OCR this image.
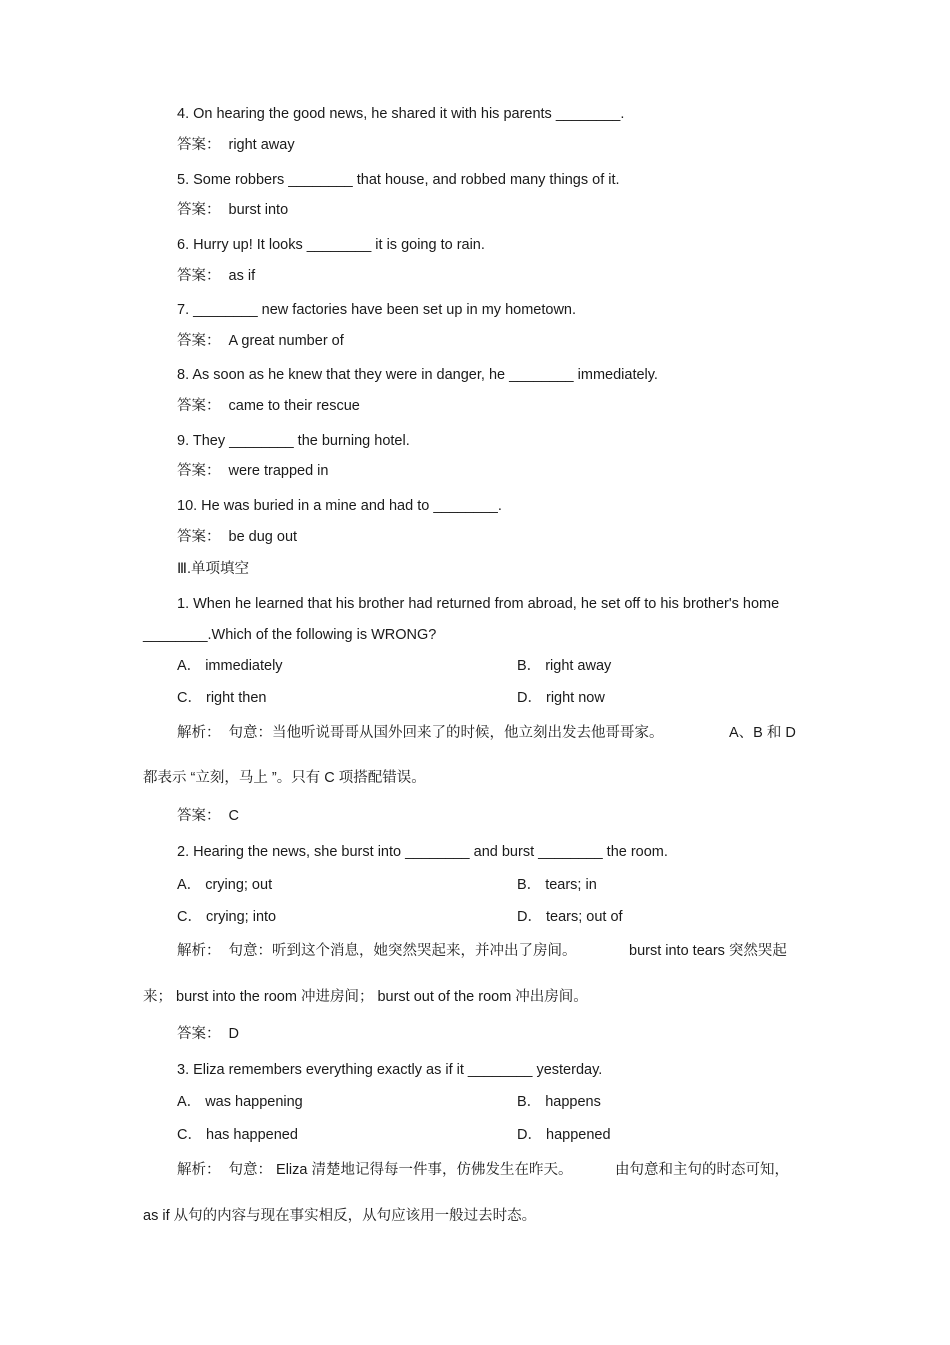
4. On hearing the good news, he shared it with his parents ________.
答案： right away
5. Some robbers ________ that house, and robbed many things of it.
答案： burst into
6. Hurry up! It looks ________ it is going to rain.
答案： as if
7. ________ new factories have been set up in my hometown.
答案： A great number of
8. As soon as he knew that they were in danger, he ________ immediately.
答案： came to their rescue
9. They ________ the burning hotel.
答案： were trapped in
10. He was buried in a mine and had to ________.
答案： be dug out
Ⅲ.单项填空
1. When he learned that his brother had returned from abroad, he set off to his brother's home
________.Which of the following is WRONG?
A． immediately	B． right away
C． right then	D． right now
解析： 句意：当他听说哥哥从国外回来了的时候，他立刻出发去他哥哥家。	A、B 和 D
都表示 “立刻，马上 ”。只有 C 项搭配错误。
答案： C
2. Hearing the news, she burst into ________ and burst ________ the room.
A． crying; out	B． tears; in
C． crying; into	D． tears; out of
解析： 句意：听到这个消息，她突然哭起来，并冲出了房间。	burst into tears 突然哭起
来； burst into the room 冲进房间； burst out of the room 冲出房间。
答案： D
3. Eliza remembers everything exactly as if it ________ yesterday.
A． was happening	B． happens
C． has happened	D． happened
解析： 句意： Eliza 清楚地记得每一件事，仿佛发生在昨天。	由句意和主句的时态可知，
as if 从句的内容与现在事实相反，从句应该用一般过去时态。
